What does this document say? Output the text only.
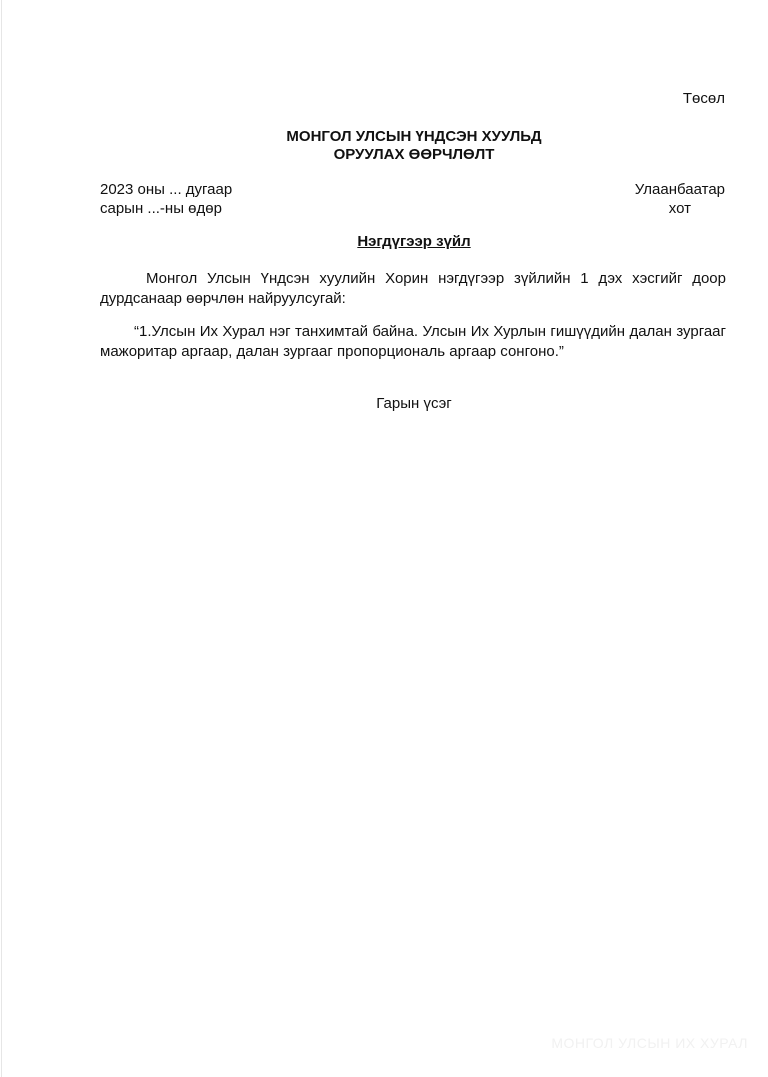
Төсөл
МОНГОЛ УЛСЫН ҮНДСЭН ХУУЛЬД
ОРУУЛАХ ӨӨРЧЛӨЛТ
2023 оны ... дугаар
сарын ...-ны өдөр
Улаанбаатар
хот
Нэгдүгээр зүйл

Монгол Улсын Үндсэн хуулийн Хорин нэгдүгээр зүйлийн 1 дэх хэсгийг доор дурдсанаар өөрчлөн найруулсугай:

“1.Улсын Их Хурал нэг танхимтай байна. Улсын Их Хурлын гишүүдийн далан зургааг мажоритар аргаар, далан зургааг пропорциональ аргаар сонгоно.”

Гарын үсэг
МОНГОЛ УЛСЫН ИХ ХУРАЛ
